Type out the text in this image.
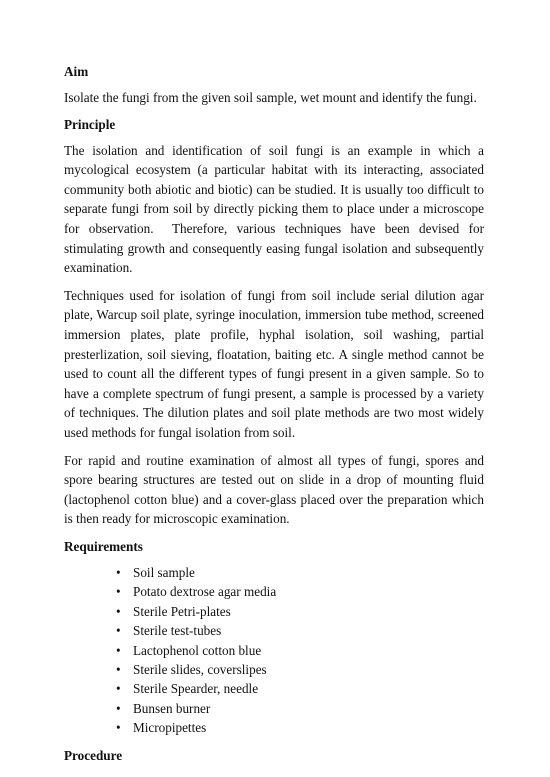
Aim

Isolate the fungi from the given soil sample, wet mount and identify the fungi.

Principle

The isolation and identification of soil fungi is an example in which a mycological ecosystem (a particular habitat with its interacting, associated community both abiotic and biotic) can be studied. It is usually too difficult to separate fungi from soil by directly picking them to place under a microscope for observation.  Therefore, various techniques have been devised for stimulating growth and consequently easing fungal isolation and subsequently examination.

Techniques used for isolation of fungi from soil include serial dilution agar plate, Warcup soil plate, syringe inoculation, immersion tube method, screened immersion plates, plate profile, hyphal isolation, soil washing, partial presterlization, soil sieving, floatation, baiting etc. A single method cannot be used to count all the different types of fungi present in a given sample. So to have a complete spectrum of fungi present, a sample is processed by a variety of techniques. The dilution plates and soil plate methods are two most widely used methods for fungal isolation from soil.

For rapid and routine examination of almost all types of fungi, spores and spore bearing structures are tested out on slide in a drop of mounting fluid (lactophenol cotton blue) and a cover-glass placed over the preparation which is then ready for microscopic examination.

Requirements
• Soil sample
• Potato dextrose agar media
• Sterile Petri-plates
• Sterile test-tubes
• Lactophenol cotton blue
• Sterile slides, coverslipes
• Sterile Spearder, needle
• Bunsen burner
• Micropipettes
Procedure
